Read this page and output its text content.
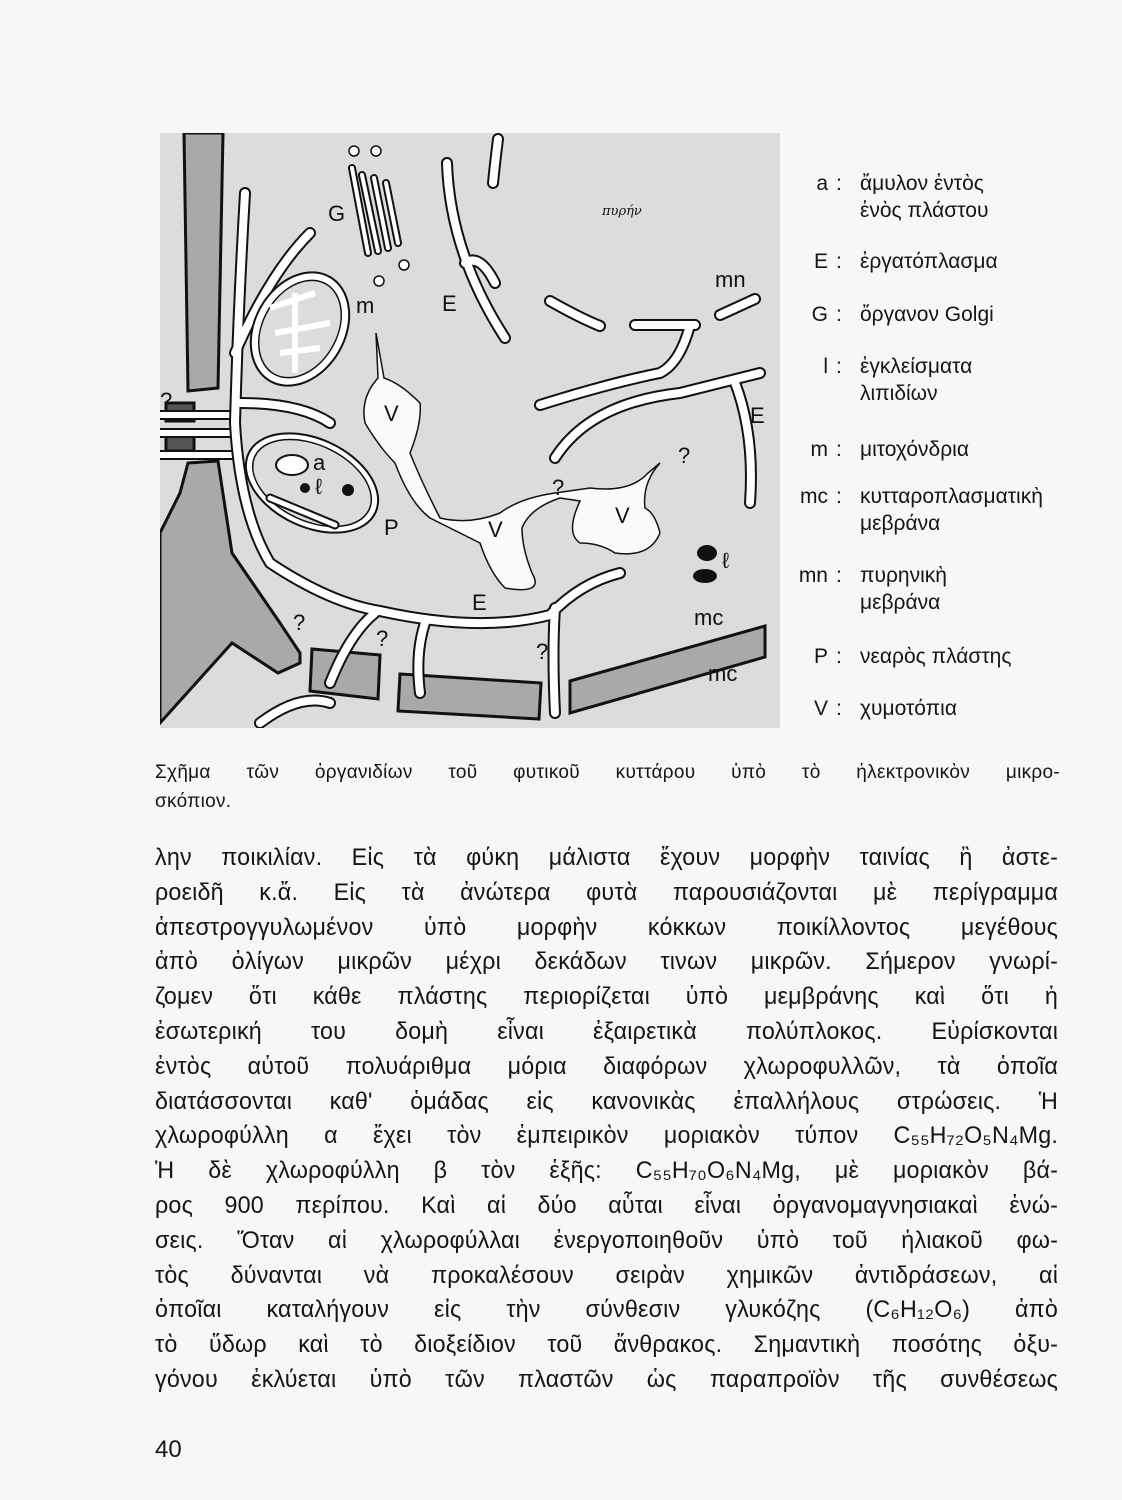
G
m	E
πυρήν
mn
V	E
a
ℓ
P	V
V
?
?
?
?
?
?
ℓ
E
mc
mc
a : ἄμυλον ἐντὸς
ἑνὸς πλάστου
E : ἐργατόπλασμα
G : ὄργανον Golgi
l : ἐγκλείσματα
λιπιδίων
m : μιτοχόνδρια
mc : κυτταροπλασματικὴ
μεβράνα
mn : πυρηνικὴ
μεβράνα
P : νεαρὸς πλάστης
V : χυμοτόπια
Σχῆμα τῶν ὀργανιδίων τοῦ φυτικοῦ κυττάρου ὑπὸ τὸ ἠλεκτρονικὸν μικρο-
σκόπιον.
λην ποικιλίαν. Εἰς τὰ φύκη μάλιστα ἔχουν μορφὴν ταινίας ἢ ἀστε-
ροειδῆ κ.ἄ. Εἰς τὰ ἀνώτερα φυτὰ παρουσιάζονται μὲ περίγραμμα
ἀπεστρογγυλωμένον ὑπὸ μορφὴν κόκκων ποικίλλοντος μεγέθους
ἀπὸ ὀλίγων μικρῶν μέχρι δεκάδων τινων μικρῶν. Σήμερον γνωρί-
ζομεν ὅτι κάθε πλάστης περιορίζεται ὑπὸ μεμβράνης καὶ ὅτι ἡ
ἐσωτερική του δομὴ εἶναι ἐξαιρετικὰ πολύπλοκος. Εὑρίσκονται
ἐντὸς αὐτοῦ πολυάριθμα μόρια διαφόρων χλωροφυλλῶν, τὰ ὁποῖα
διατάσσονται καθ' ὁμάδας εἰς κανονικὰς ἐπαλλήλους στρώσεις. Ἡ
χλωροφύλλη α ἔχει τὸν ἐμπειρικὸν μοριακὸν τύπον C₅₅H₇₂O₅N₄Mg.
Ἡ δὲ χλωροφύλλη β τὸν ἑξῆς: C₅₅H₇₀O₆N₄Mg, μὲ μοριακὸν βά-
ρος 900 περίπου. Καὶ αἱ δύο αὗται εἶναι ὀργανομαγνησιακαὶ ἑνώ-
σεις. Ὅταν αἱ χλωροφύλλαι ἐνεργοποιηθοῦν ὑπὸ τοῦ ἡλιακοῦ φω-
τὸς δύνανται νὰ προκαλέσουν σειρὰν χημικῶν ἀντιδράσεων, αἱ
ὁποῖαι καταλήγουν εἰς τὴν σύνθεσιν γλυκόζης (C₆H₁₂O₆) ἀπὸ
τὸ ὕδωρ καὶ τὸ διοξείδιον τοῦ ἄνθρακος. Σημαντικὴ ποσότης ὀξυ-
γόνου ἐκλύεται ὑπὸ τῶν πλαστῶν ὡς παραπροϊὸν τῆς συνθέσεως
40
